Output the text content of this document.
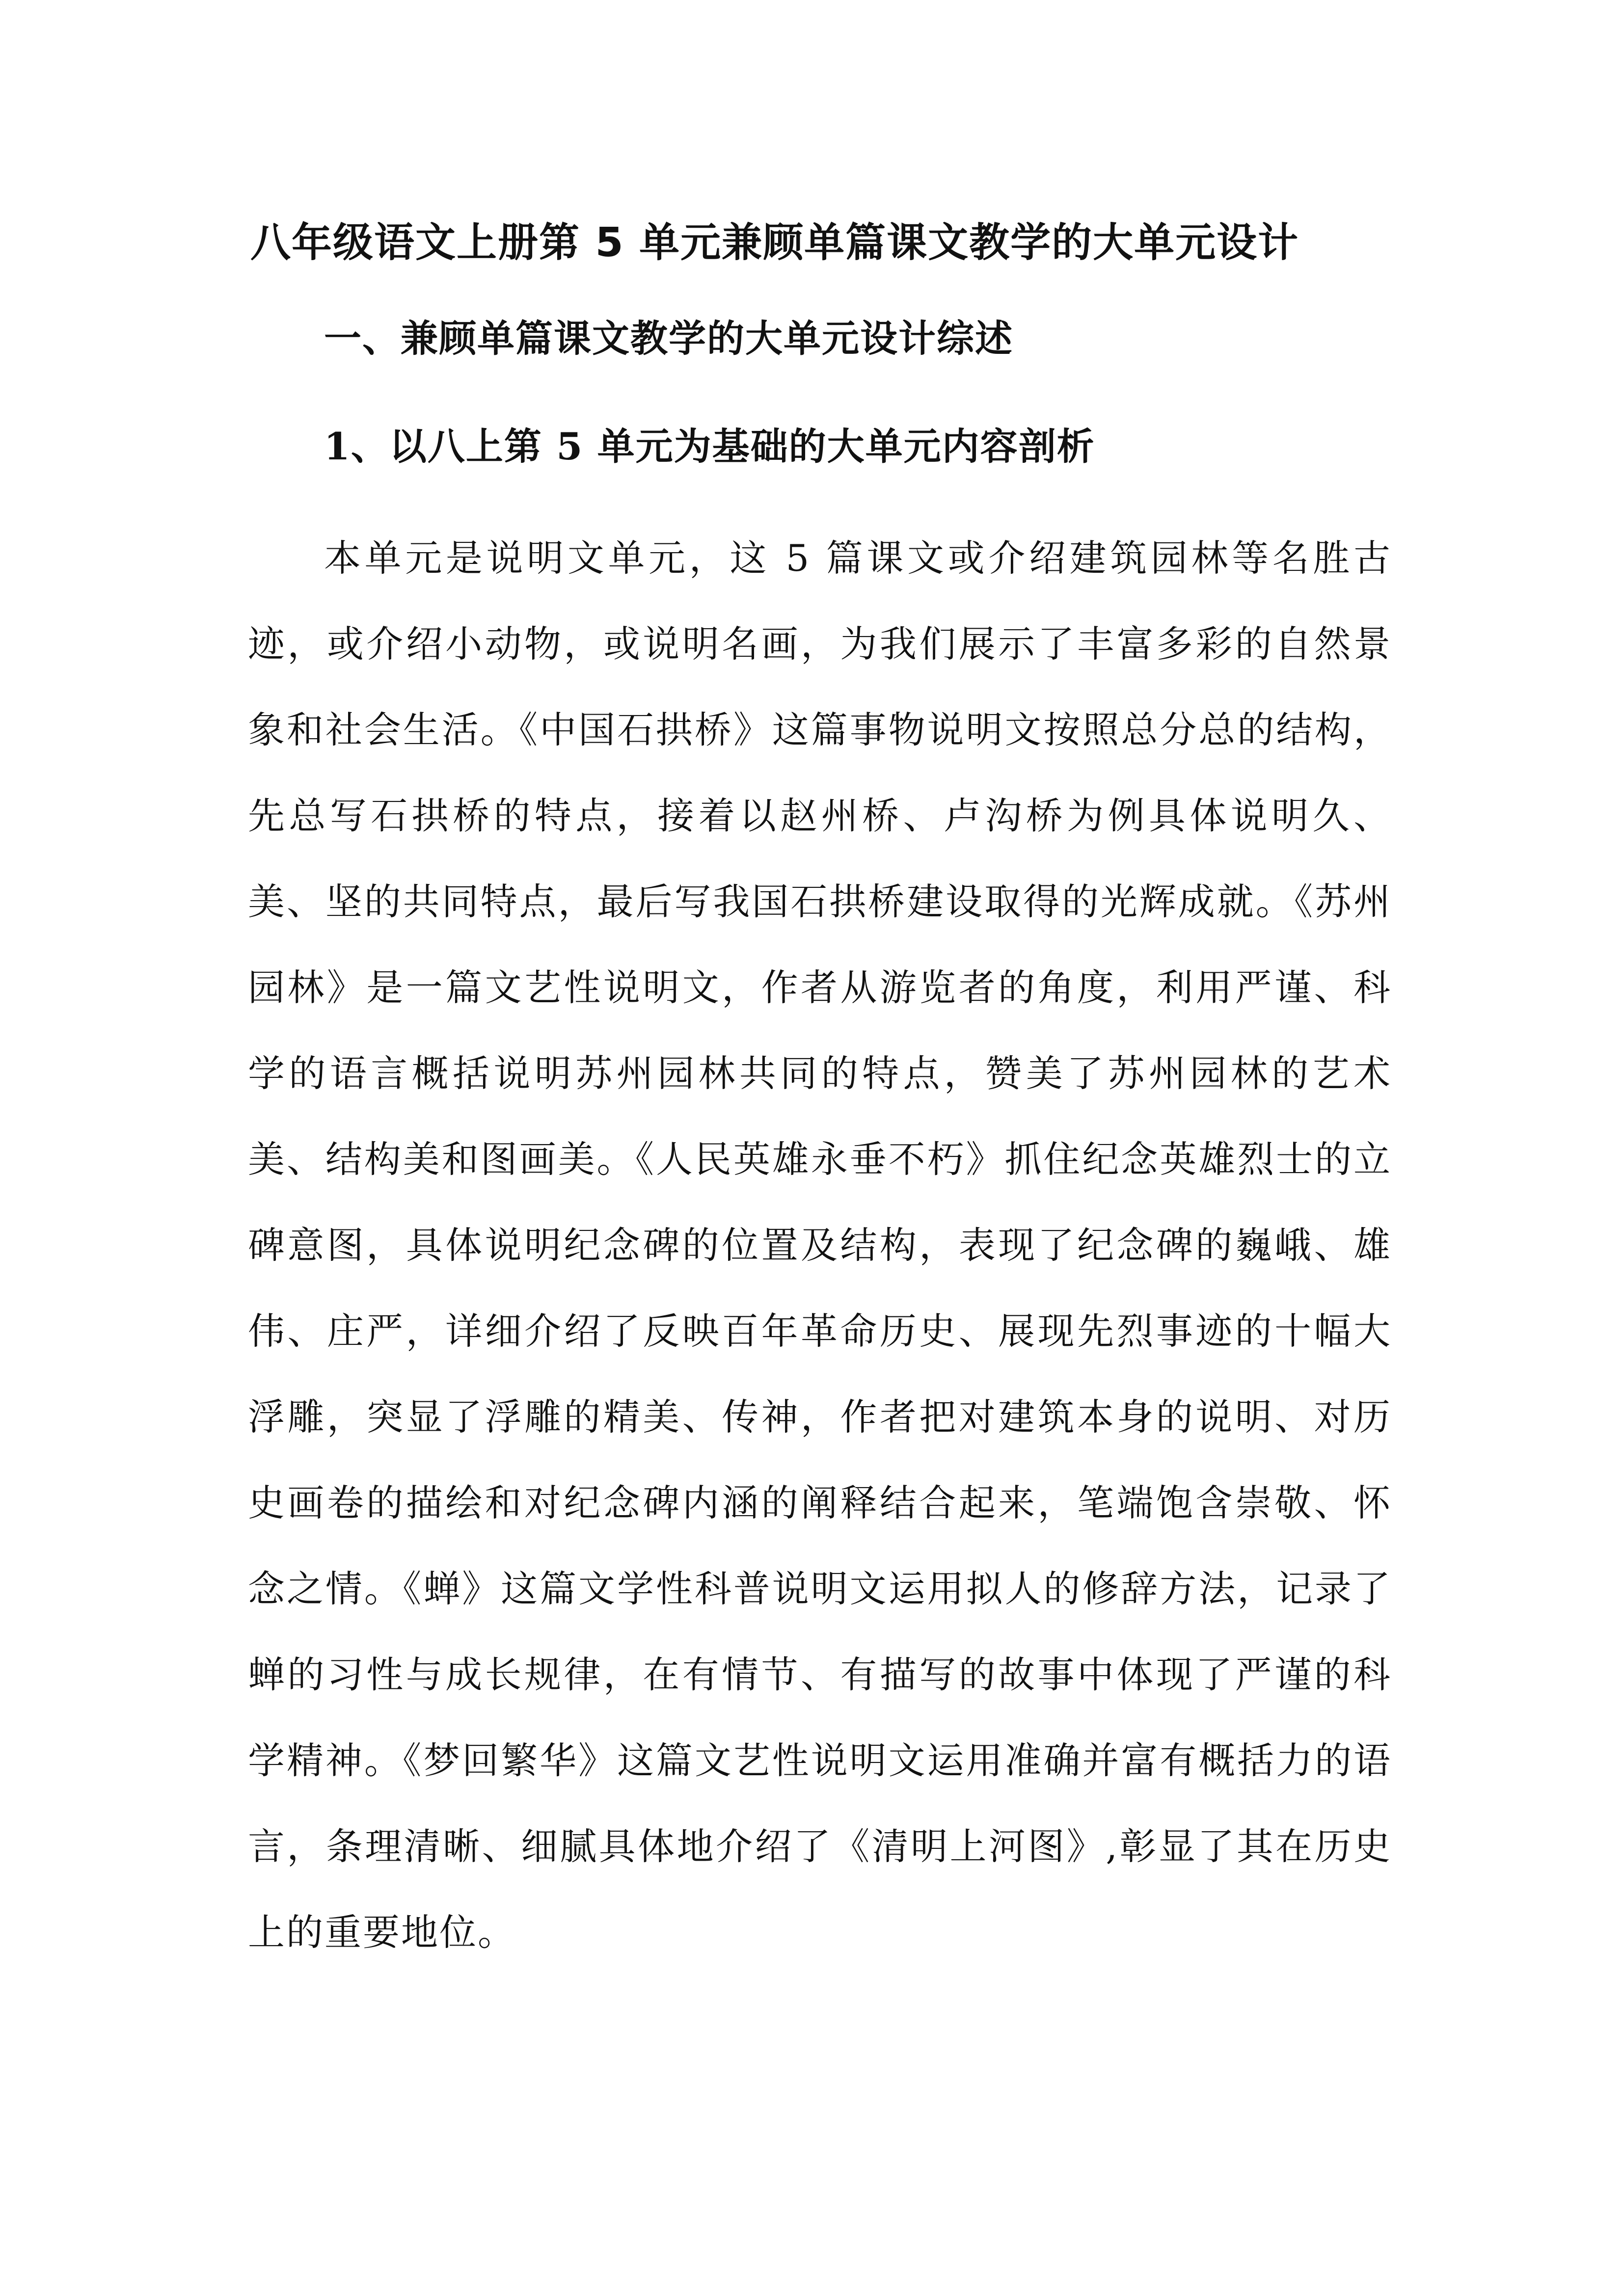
八年级语文上册第 5 单元兼顾单篇课文教学的大单元设计
一、兼顾单篇课文教学的大单元设计综述
1、以八上第 5 单元为基础的大单元内容剖析

本单元是说明文单元，这 5 篇课文或介绍建筑园林等名胜古迹，或介绍小动物，或说明名画，为我们展示了丰富多彩的自然景象和社会生活。《中国石拱桥》这篇事物说明文按照总分总的结构，先总写石拱桥的特点，接着以赵州桥、卢沟桥为例具体说明久、美、坚的共同特点，最后写我国石拱桥建设取得的光辉成就。《苏州园林》是一篇文艺性说明文，作者从游览者的角度，利用严谨、科学的语言概括说明苏州园林共同的特点，赞美了苏州园林的艺术美、结构美和图画美。《人民英雄永垂不朽》抓住纪念英雄烈士的立碑意图，具体说明纪念碑的位置及结构，表现了纪念碑的巍峨、雄伟、庄严，详细介绍了反映百年革命历史、展现先烈事迹的十幅大浮雕，突显了浮雕的精美、传神，作者把对建筑本身的说明、对历史画卷的描绘和对纪念碑内涵的阐释结合起来，笔端饱含崇敬、怀念之情。《蝉》这篇文学性科普说明文运用拟人的修辞方法，记录了蝉的习性与成长规律，在有情节、有描写的故事中体现了严谨的科学精神。《梦回繁华》这篇文艺性说明文运用准确并富有概括力的语言，条理清晰、细腻具体地介绍了《清明上河图》,彰显了其在历史上的重要地位。
